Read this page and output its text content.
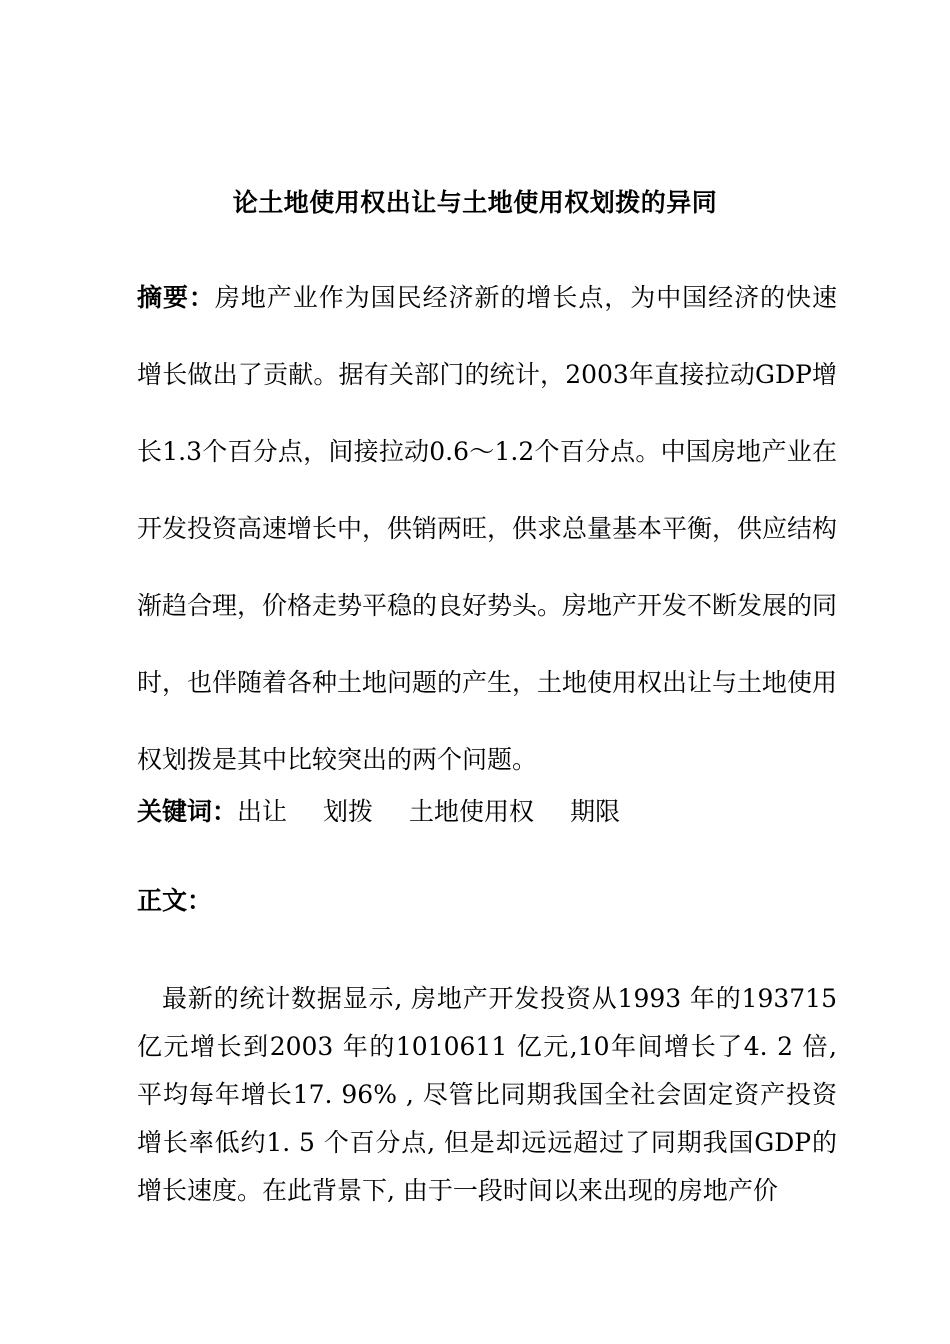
论土地使用权出让与土地使用权划拨的异同
摘要：房地产业作为国民经济新的增长点，为中国经济的快速增长做出了贡献。据有关部门的统计，2003年直接拉动GDP增长1.3个百分点，间接拉动0.6～1.2个百分点。中国房地产业在开发投资高速增长中，供销两旺，供求总量基本平衡，供应结构渐趋合理，价格走势平稳的良好势头。房地产开发不断发展的同时，也伴随着各种土地问题的产生，土地使用权出让与土地使用权划拨是其中比较突出的两个问题。
关键词：出让 划拨 土地使用权 期限
正文：
最新的统计数据显示, 房地产开发投资从1993 年的193715亿元增长到2003 年的1010611 亿元,10年间增长了4. 2 倍, 平均每年增长17. 96% , 尽管比同期我国全社会固定资产投资增长率低约1. 5 个百分点, 但是却远远超过了同期我国GDP的增长速度。在此背景下, 由于一段时间以来出现的房地产价
